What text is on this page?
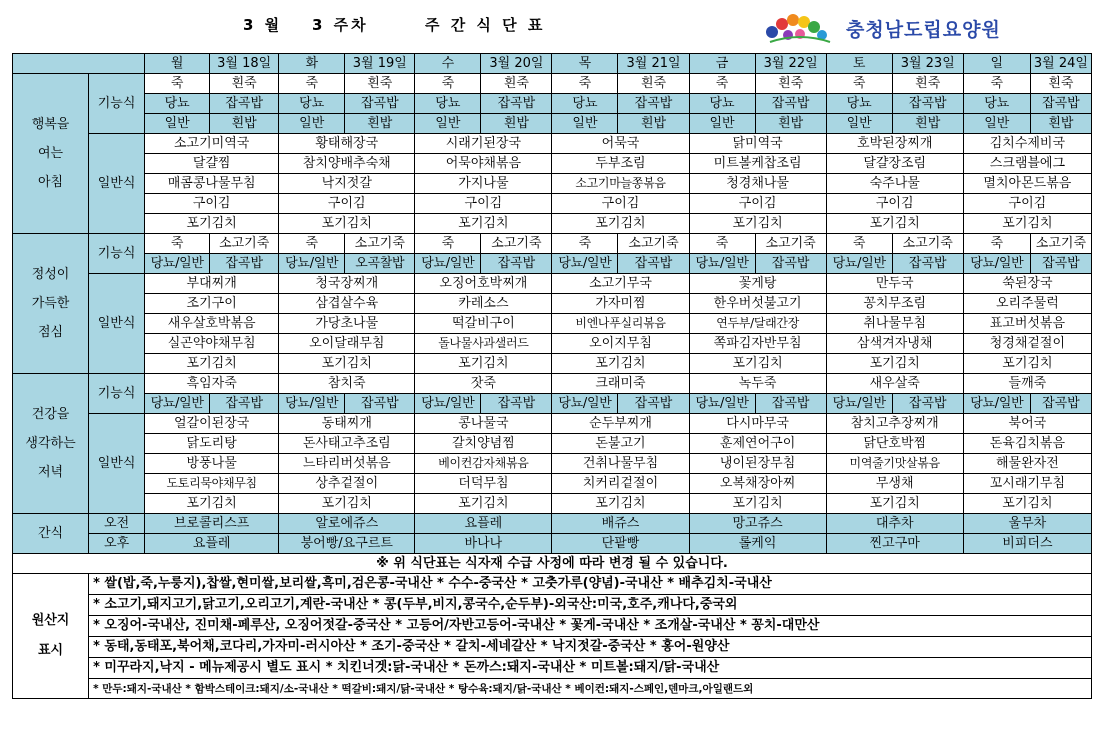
3 월 3 주차	주 간 식 단 표	충청남도립요양원
		월	3월 18일	화	3월 19일	수	3월 20일	목	3월 21일	금	3월 22일	토	3월 23일	일	3월 24일

행복을
여는
아침	기능식	죽	흰죽	죽	흰죽	죽	흰죽	죽	흰죽	죽	흰죽	죽	흰죽	죽	흰죽
		당뇨	잡곡밥	당뇨	잡곡밥	당뇨	잡곡밥	당뇨	잡곡밥	당뇨	잡곡밥	당뇨	잡곡밥	당뇨	잡곡밥
		일반	흰밥	일반	흰밥	일반	흰밥	일반	흰밥	일반	흰밥	일반	흰밥	일반	흰밥
	일반식	소고기미역국		황태해장국		시래기된장국		어묵국		닭미역국		호박된장찌개		김치수제비국	
		달걀찜		참치양배추숙채		어묵야채볶음		두부조림		미트볼케찹조림		달걀장조림		스크램블에그	
		매콤콩나물무침		낙지젓갈		가지나물		소고기마늘쫑볶음		청경채나물		숙주나물		멸치아몬드볶음	
		구이김		구이김		구이김		구이김		구이김		구이김		구이김	
		포기김치		포기김치		포기김치		포기김치		포기김치		포기김치		포기김치	

정성이
가득한
점심	기능식	죽	소고기죽	죽	소고기죽	죽	소고기죽	죽	소고기죽	죽	소고기죽	죽	소고기죽	죽	소고기죽
		당뇨/일반	잡곡밥	당뇨/일반	오곡찰밥	당뇨/일반	잡곡밥	당뇨/일반	잡곡밥	당뇨/일반	잡곡밥	당뇨/일반	잡곡밥	당뇨/일반	잡곡밥
	일반식	부대찌개		청국장찌개		오징어호박찌개		소고기무국		꽃게탕		만두국		쑥된장국	
		조기구이		삼겹살수육		카레소스		가자미찜		한우버섯불고기		꽁치무조림		오리주물럭	
		새우살호박볶음		가당초나물		떡갈비구이		비엔나푸실리볶음		연두부/달래간장		취나물무침		표고버섯볶음	
		실곤약야채무침		오이달래무침		돌나물사과샐러드		오이지무침		쪽파김자반무침		삼색겨자냉채		청경채겉절이	
		포기김치		포기김치		포기김치		포기김치		포기김치		포기김치		포기김치	

건강을
생각하는
저녁	기능식	흑임자죽		참치죽		잣죽		크래미죽		녹두죽		새우살죽		들깨죽	
		당뇨/일반	잡곡밥	당뇨/일반	잡곡밥	당뇨/일반	잡곡밥	당뇨/일반	잡곡밥	당뇨/일반	잡곡밥	당뇨/일반	잡곡밥	당뇨/일반	잡곡밥
	일반식	얼갈이된장국		동태찌개		콩나물국		순두부찌개		다시마무국		참치고추장찌개		북어국	
		닭도리탕		돈사태고추조림		갈치양념찜		돈불고기		훈제연어구이		닭단호박찜		돈육김치볶음	
		방풍나물		느타리버섯볶음		베이컨감자채볶음		건취나물무침		냉이된장무침		미역줄기맛살볶음		해물완자전	
		도토리묵야채무침		상추겉절이		더덕무침		치커리겉절이		오복채장아찌		무생채		꼬시래기무침	
		포기김치		포기김치		포기김치		포기김치		포기김치		포기김치		포기김치	
간식	오전	브로콜리스프		알로에쥬스		요플레		배쥬스		망고쥬스		대추차		울무차	
	오후	요플레		붕어빵/요구르트		바나나		단팥빵		롤케익		찐고구마		비피더스	
※ 위 식단표는 식자재 수급 사정에 따라 변경 될 수 있습니다.															

원산지
표시	* 쌀(밥,죽,누룽지),찹쌀,현미쌀,보리쌀,흑미,검은콩-국내산 * 수수-중국산 * 고춧가루(양념)-국내산 * 배추김치-국내산														
	* 소고기,돼지고기,닭고기,오리고기,계란-국내산 * 콩(두부,비지,콩국수,순두부)-외국산:미국,호주,캐나다,중국외														
	* 오징어-국내산, 진미채-페루산, 오징어젓갈-중국산 * 고등어/자반고등어-국내산 * 꽃게-국내산 * 조개살-국내산 * 꽁치-대만산														
	* 동태,동태포,북어채,코다리,가자미-러시아산 * 조기-중국산 * 갈치-세네갈산 * 낙지젓갈-중국산 * 홍어-원양산														
	* 미꾸라지,낙지 - 메뉴제공시 별도 표시 * 치킨너겟:닭-국내산 * 돈까스:돼지-국내산 * 미트볼:돼지/닭-국내산														
	* 만두:돼지-국내산 * 함박스테이크:돼지/소-국내산 * 떡갈비:돼지/닭-국내산 * 탕수육:돼지/닭-국내산 * 베이컨:돼지-스페인,덴마크,아일랜드외														
